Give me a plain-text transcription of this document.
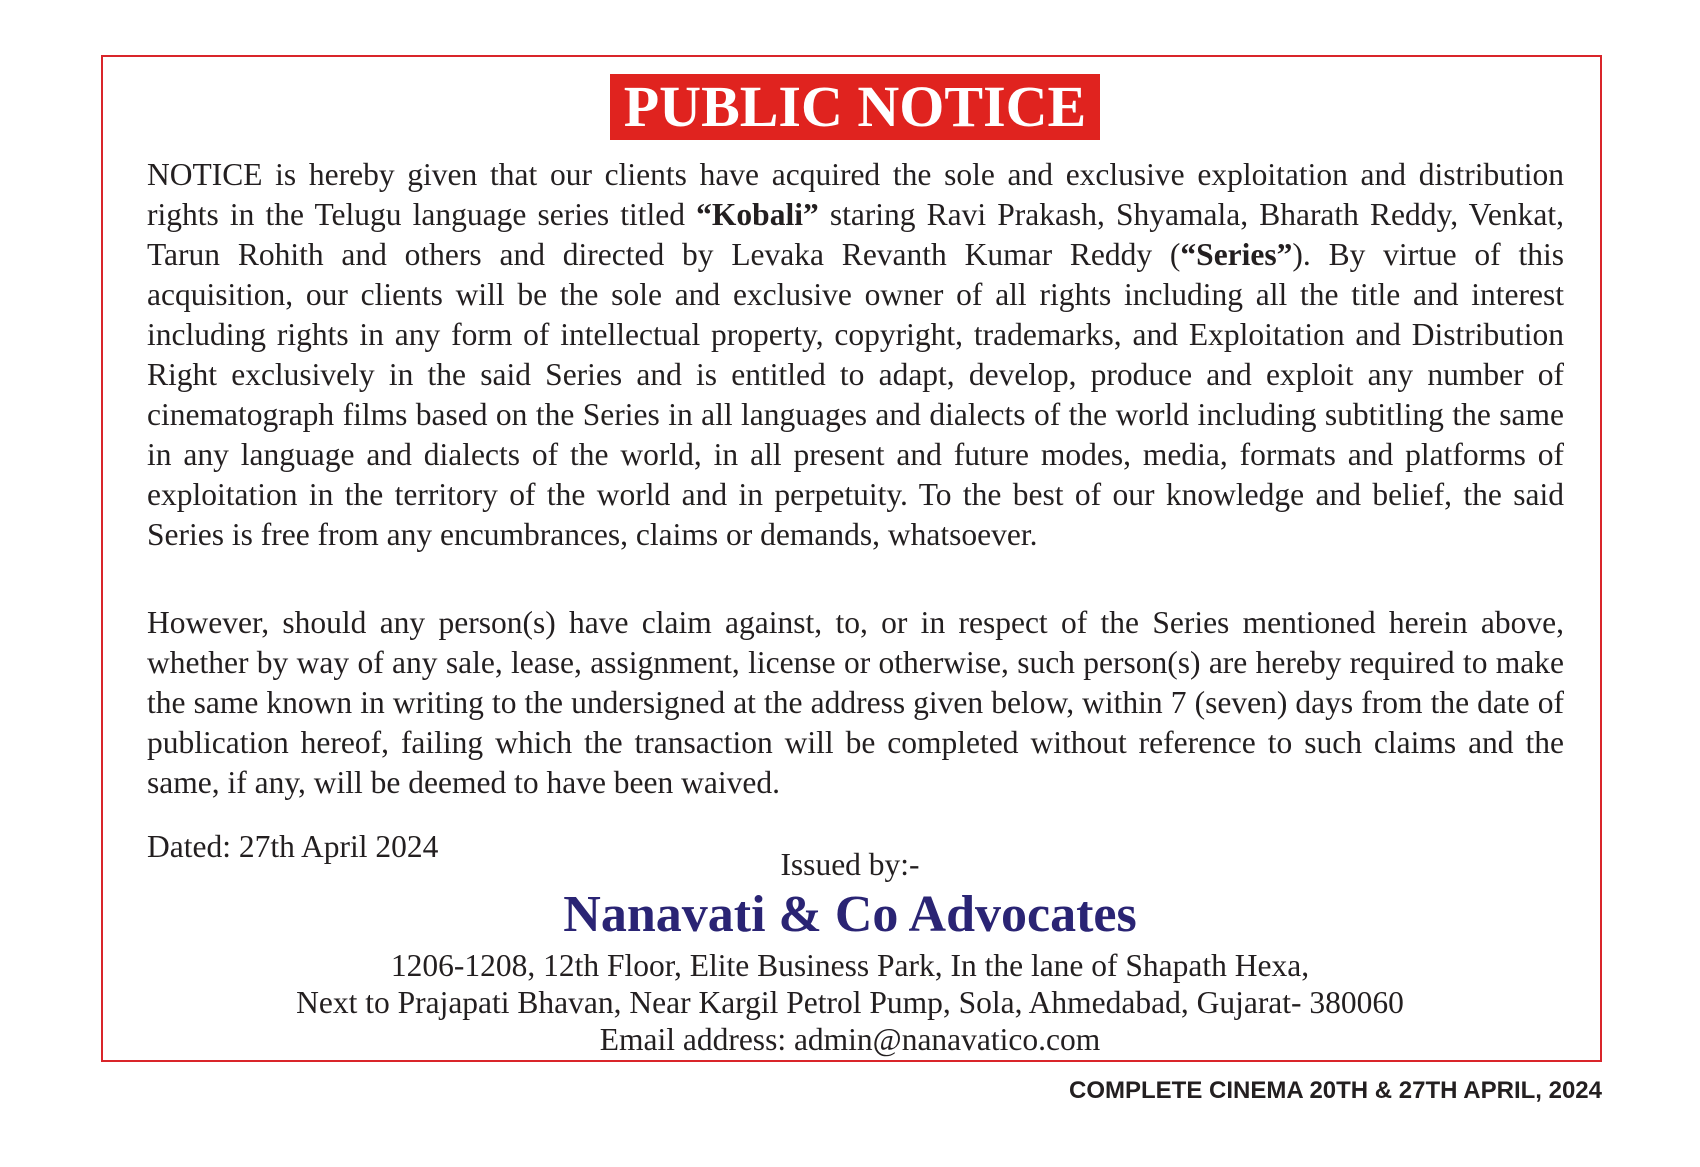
PUBLIC NOTICE
NOTICE is hereby given that our clients have acquired the sole and exclusive exploitation and distribution rights in the Telugu language series titled “Kobali” staring Ravi Prakash, Shyamala, Bharath Reddy, Venkat, Tarun Rohith and others and directed by Levaka Revanth Kumar Reddy (“Series”). By virtue of this acquisition, our clients will be the sole and exclusive owner of all rights including all the title and interest including rights in any form of intellectual property, copyright, trademarks, and Exploitation and Distribution Right exclusively in the said Series and is entitled to adapt, develop, produce and exploit any number of cinematograph films based on the Series in all languages and dialects of the world including subtitling the same in any language and dialects of the world, in all present and future modes, media, formats and platforms of exploitation in the territory of the world and in perpetuity. To the best of our knowledge and belief, the said Series is free from any encumbrances, claims or demands, whatsoever.
However, should any person(s) have claim against, to, or in respect of the Series mentioned herein above, whether by way of any sale, lease, assignment, license or otherwise, such person(s) are hereby required to make the same known in writing to the undersigned at the address given below, within 7 (seven) days from the date of publication hereof, failing which the transaction will be completed without reference to such claims and the same, if any, will be deemed to have been waived.
Dated: 27th April 2024
Issued by:-
Nanavati & Co Advocates
1206-1208, 12th Floor, Elite Business Park, In the lane of Shapath Hexa,
Next to Prajapati Bhavan, Near Kargil Petrol Pump, Sola, Ahmedabad, Gujarat- 380060
Email address: admin@nanavatico.com
COMPLETE CINEMA 20TH & 27TH APRIL, 2024
